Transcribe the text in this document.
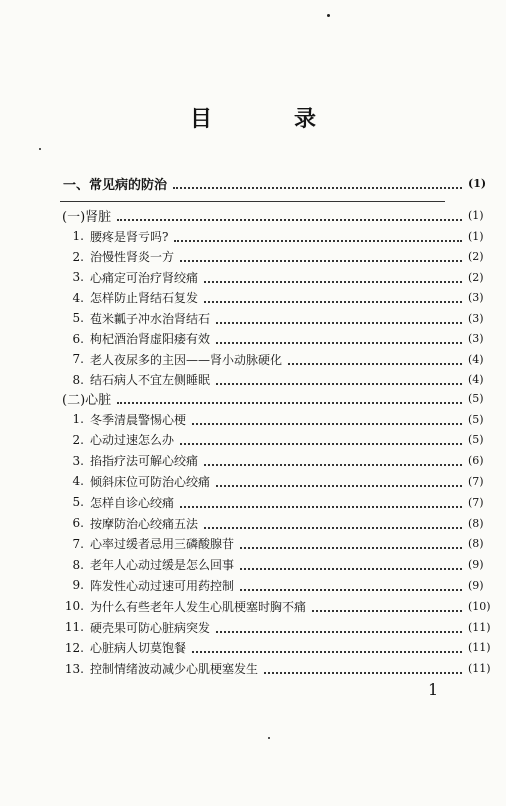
目　录
一、常见病的防治	(1)
(一)肾脏	(1)
1. 腰疼是肾亏吗?	(1)
2. 治慢性肾炎一方	(2)
3. 心痛定可治疗肾绞痛	(2)
4. 怎样防止肾结石复发	(3)
5. 苞米瓤子冲水治肾结石	(3)
6. 枸杞酒治肾虚阳痿有效	(3)
7. 老人夜尿多的主因——肾小动脉硬化	(4)
8. 结石病人不宜左侧睡眠	(4)
(二)心脏	(5)
1. 冬季清晨警惕心梗	(5)
2. 心动过速怎么办	(5)
3. 掐指疗法可解心绞痛	(6)
4. 倾斜床位可防治心绞痛	(7)
5. 怎样自诊心绞痛	(7)
6. 按摩防治心绞痛五法	(8)
7. 心率过缓者忌用三磷酸腺苷	(8)
8. 老年人心动过缓是怎么回事	(9)
9. 阵发性心动过速可用药控制	(9)
10. 为什么有些老年人发生心肌梗塞时胸不痛	(10)
11. 硬壳果可防心脏病突发	(11)
12. 心脏病人切莫饱餐	(11)
13. 控制情绪波动减少心肌梗塞发生	(11)
1
